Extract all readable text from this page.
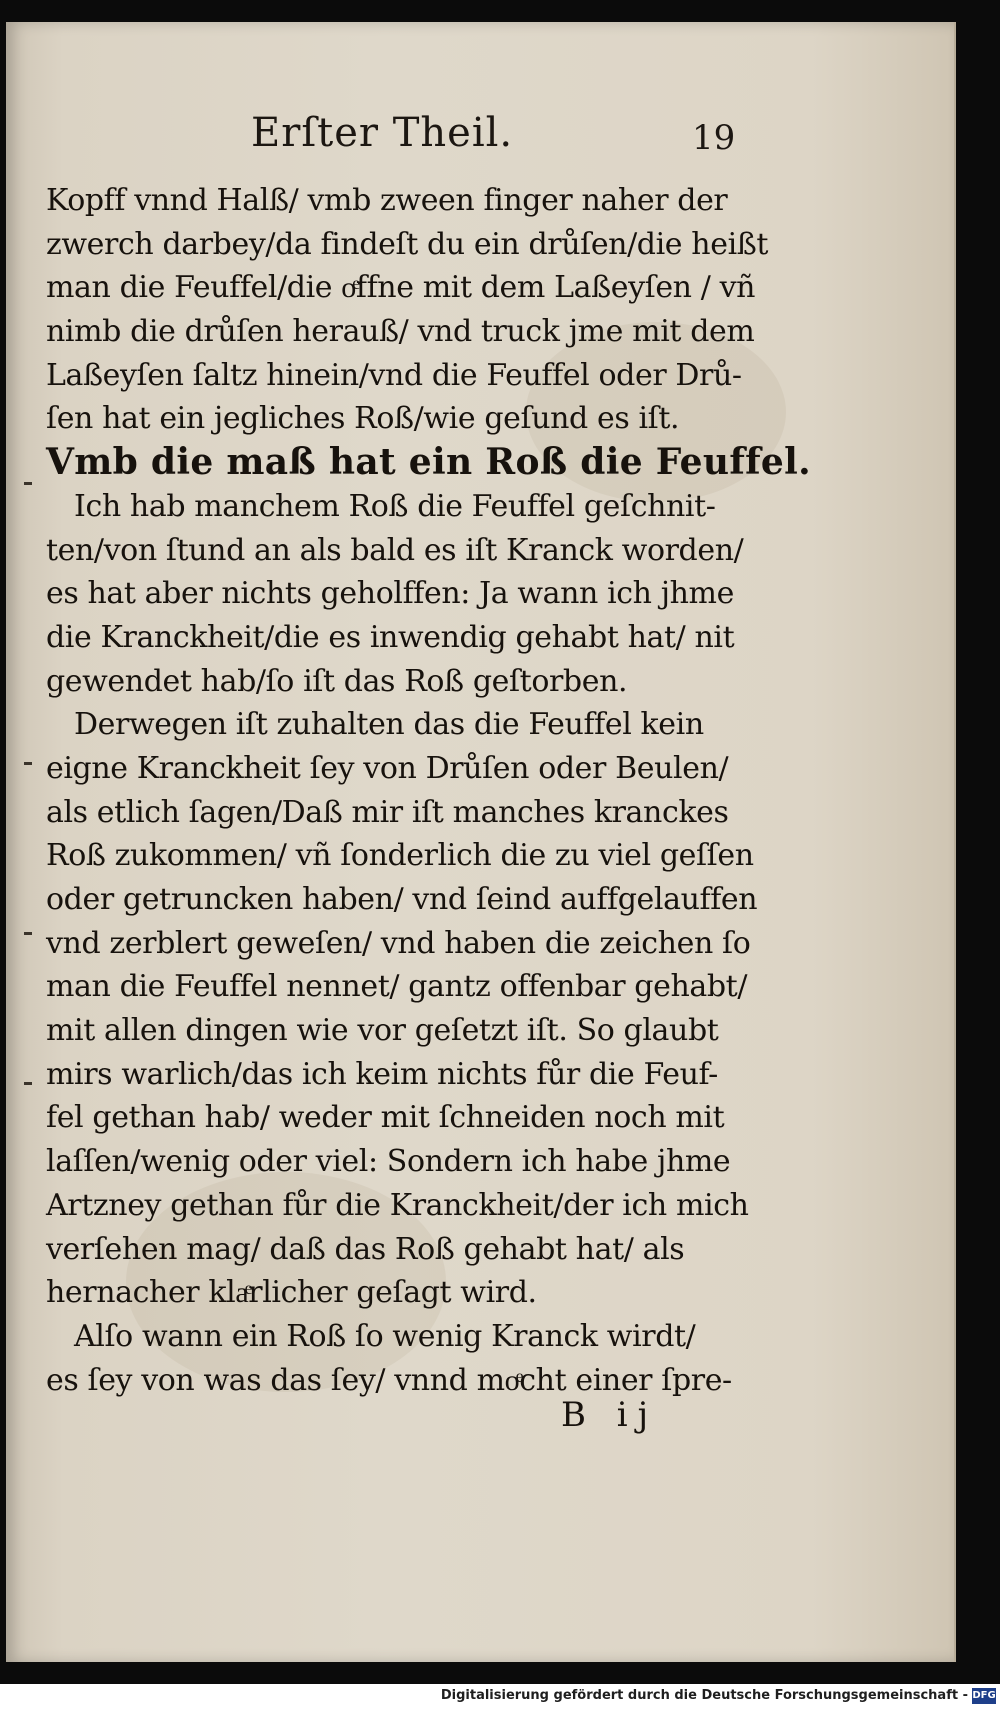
Erſter Theil.	19
Kopff vnnd Halß/ vmb zween finger naher der
zwerch darbey/da findeſt du ein drůſen/die heißt
man die Feuffel/die oͤffne mit dem Laßeyſen / vñ
nimb die drůſen herauß/ vnd truck jme mit dem
Laßeyſen ſaltz hinein/vnd die Feuffel oder Drů-
ſen hat ein jegliches Roß/wie geſund es iſt.
Vmb die maß hat ein Roß die Feuffel.
Ich hab manchem Roß die Feuffel geſchnit-
ten/von ſtund an als bald es iſt Kranck worden/
es hat aber nichts geholffen: Ja wann ich jhme
die Kranckheit/die es inwendig gehabt hat/ nit
gewendet hab/ſo iſt das Roß geſtorben.
Derwegen iſt zuhalten das die Feuffel kein
eigne Kranckheit ſey von Drůſen oder Beulen/
als etlich ſagen/Daß mir iſt manches kranckes
Roß zukommen/ vñ ſonderlich die zu viel geſſen
oder getruncken haben/ vnd ſeind auffgelauffen
vnd zerblert geweſen/ vnd haben die zeichen ſo
man die Feuffel nennet/ gantz offenbar gehabt/
mit allen dingen wie vor geſetzt iſt. So glaubt
mirs warlich/das ich keim nichts fůr die Feuf-
fel gethan hab/ weder mit ſchneiden noch mit
laſſen/wenig oder viel: Sondern ich habe jhme
Artzney gethan fůr die Kranckheit/der ich mich
verſehen mag/ daß das Roß gehabt hat/ als
hernacher klaͤrlicher geſagt wird.
Alſo wann ein Roß ſo wenig Kranck wirdt/
es ſey von was das ſey/ vnnd moͤcht einer ſpre-
B ij
Digitalisierung gefördert durch die Deutsche Forschungsgemeinschaft - DFG
